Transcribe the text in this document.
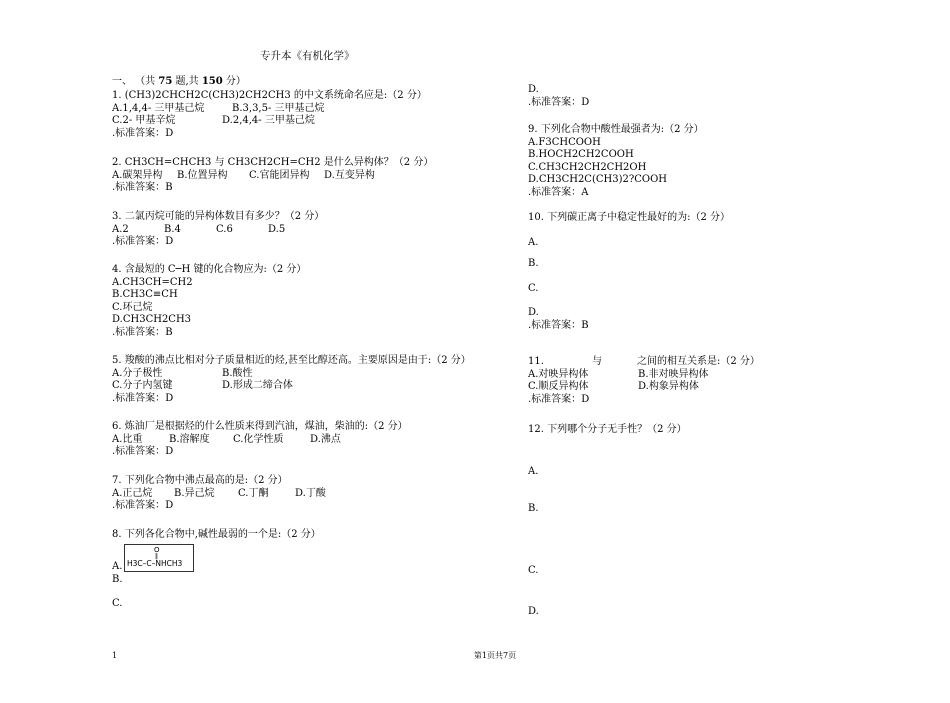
专升本《有机化学》
一、 （共 75 题,共 150 分）
1. (CH3)2CHCH2C(CH3)2CH2CH3 的中文系统命名应是:（2 分）
A.1,4,4- 三甲基己烷	B.3,3,5- 三甲基己烷
C.2- 甲基辛烷	D.2,4,4- 三甲基己烷
.标准答案：D
2. CH3CH=CHCH3 与 CH3CH2CH=CH2 是什么异构体？（2 分）
A.碳架异构	B.位置异构	C.官能团异构	D.互变异构
.标准答案：B
3. 二氯丙烷可能的异构体数目有多少？（2 分）
A.2	B.4	C.6	D.5
.标准答案：D
4. 含最短的 C─H 键的化合物应为:（2 分）
A.CH3CH=CH2
B.CH3C≡CH
C.环己烷
D.CH3CH2CH3
.标准答案：B
5. 羧酸的沸点比相对分子质量相近的烃,甚至比醇还高。主要原因是由于:（2 分）
A.分子极性	B.酸性
C.分子内氢键	D.形成二缔合体
.标准答案：D
6. 炼油厂是根据烃的什么性质来得到汽油，煤油，柴油的:（2 分）
A.比重	B.溶解度	C.化学性质	D.沸点
.标准答案：D
7. 下列化合物中沸点最高的是:（2 分）
A.正己烷	B.异己烷	C.丁酮	D.丁酸
.标准答案：D
8. 下列各化合物中,碱性最弱的一个是:（2 分）
A.
O
‖
H3C–C–NHCH3
B.
C.
D.
.标准答案：D
9. 下列化合物中酸性最强者为:（2 分）
A.F3CHCOOH
B.HOCH2CH2COOH
C.CH3CH2CH2CH2OH
D.CH3CH2C(CH3)2?COOH
.标准答案：A
10. 下列碳正离子中稳定性最好的为:（2 分）
A.
B.
C.
D.
.标准答案：B
11.	与	之间的相互关系是:（2 分）
A.对映异构体	B.非对映异构体
C.顺反异构体	D.构象异构体
.标准答案：D
12. 下列哪个分子无手性？（2 分）
A.
B.
C.
D.
1	第1页共7页
